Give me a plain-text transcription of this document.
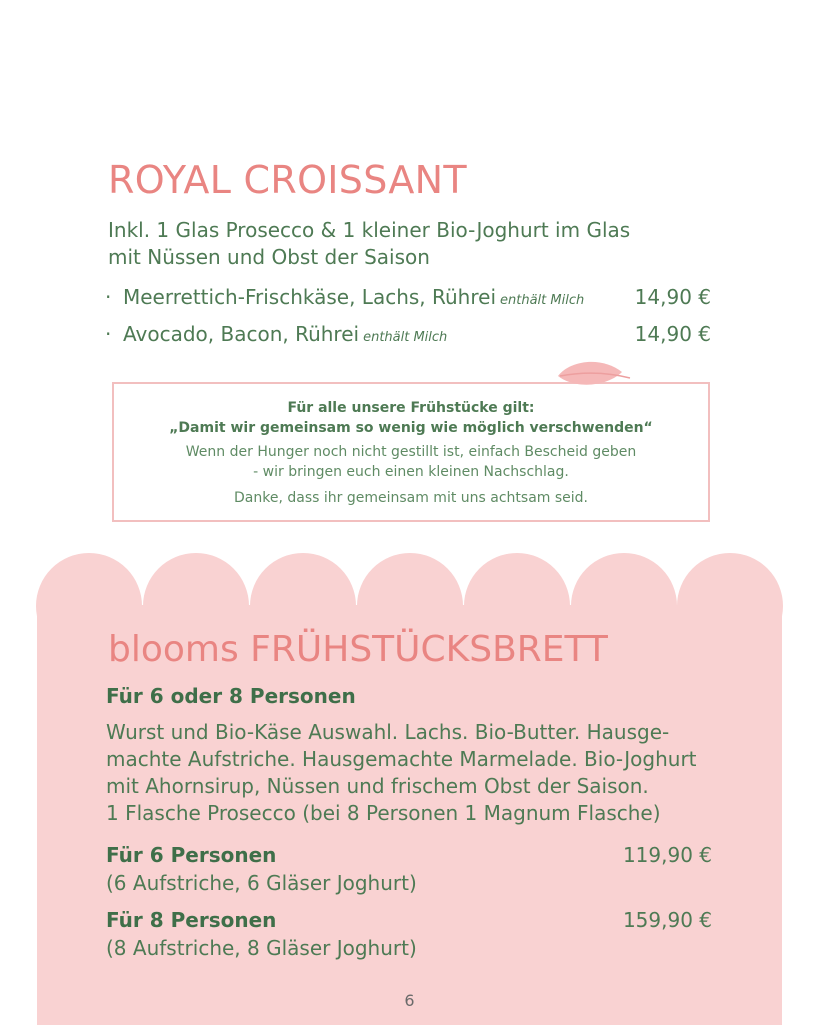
ROYAL CROISSANT
Inkl. 1 Glas Prosecco & 1 kleiner Bio-Joghurt im Glas
mit Nüssen und Obst der Saison
· Meerrettich-Frischkäse, Lachs, Rührei enthält Milch	14,90 €
· Avocado, Bacon, Rührei enthält Milch	14,90 €
Für alle unsere Frühstücke gilt:
„Damit wir gemeinsam so wenig wie möglich verschwenden“
Wenn der Hunger noch nicht gestillt ist, einfach Bescheid geben
- wir bringen euch einen kleinen Nachschlag.
Danke, dass ihr gemeinsam mit uns achtsam seid.
blooms FRÜHSTÜCKSBRETT
Für 6 oder 8 Personen
Wurst und Bio-Käse Auswahl. Lachs. Bio-Butter. Hausge-
machte Aufstriche. Hausgemachte Marmelade. Bio-Joghurt
mit Ahornsirup, Nüssen und frischem Obst der Saison.
1 Flasche Prosecco (bei 8 Personen 1 Magnum Flasche)
Für 6 Personen	119,90 €
(6 Aufstriche, 6 Gläser Joghurt)
Für 8 Personen	159,90 €
(8 Aufstriche, 8 Gläser Joghurt)
6
